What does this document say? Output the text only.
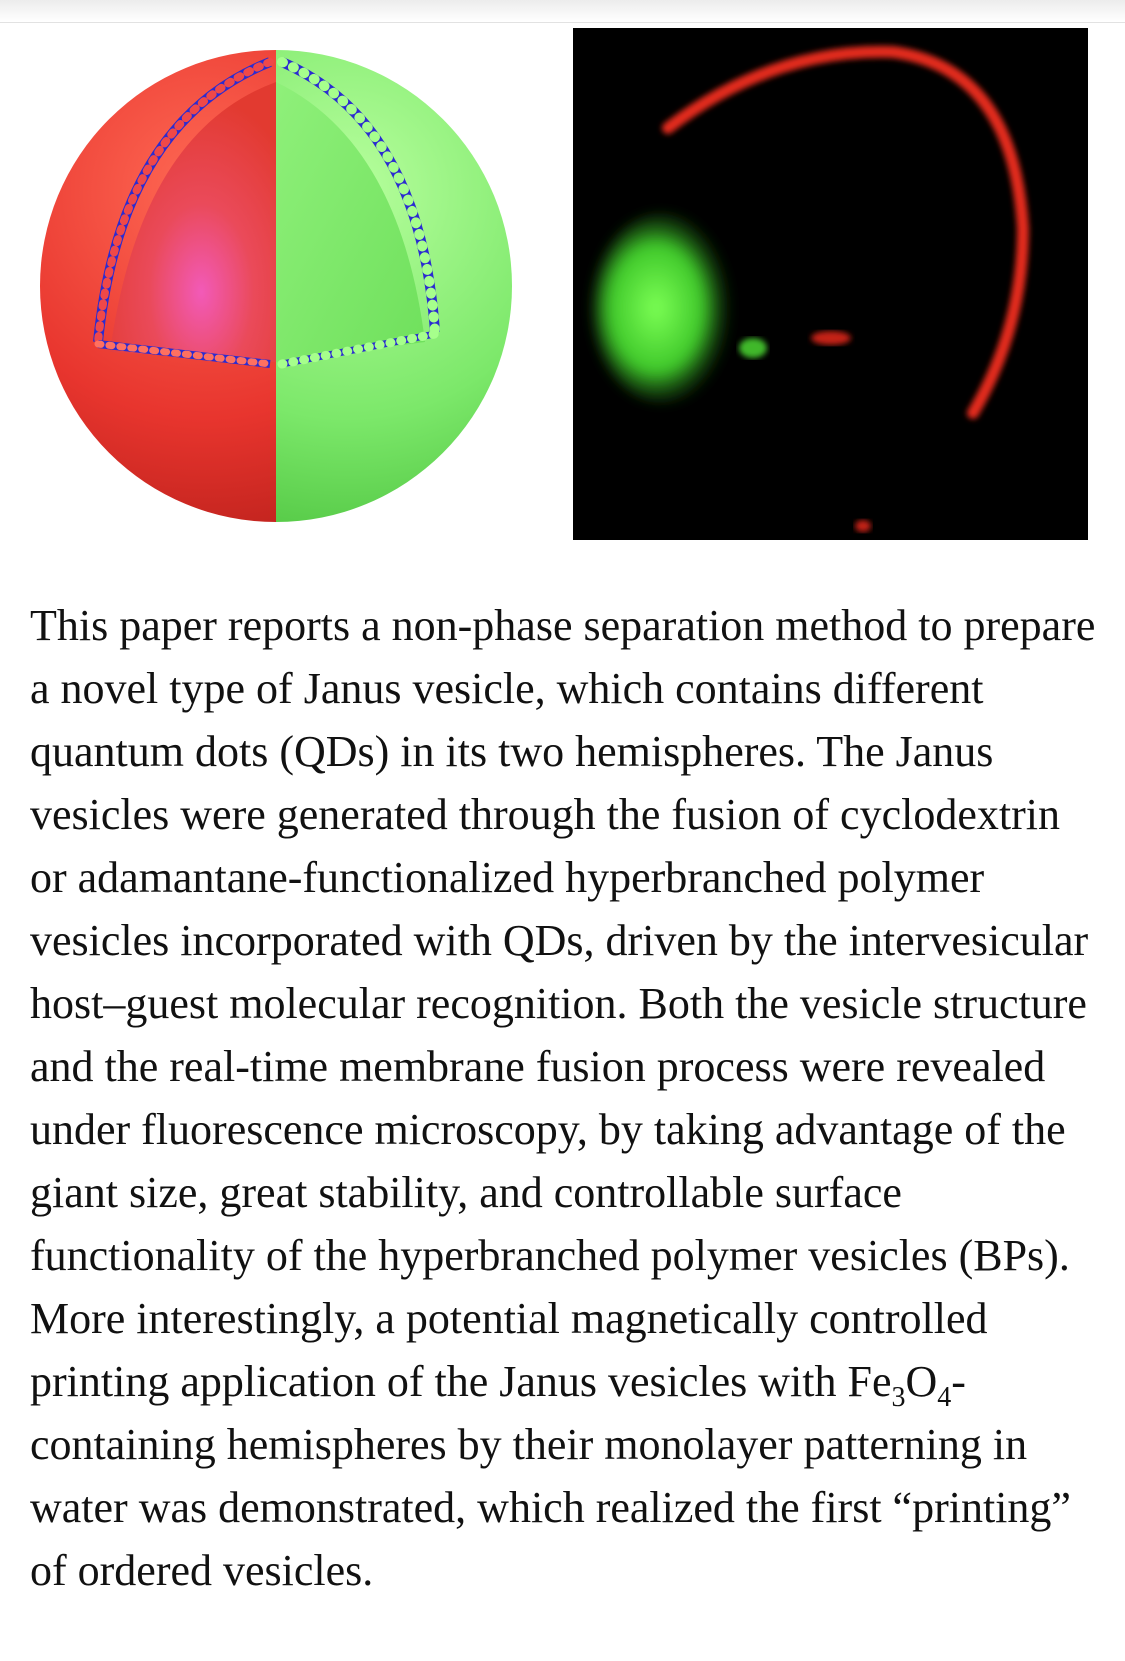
This paper reports a non-phase separation method to prepare a novel type of Janus vesicle, which contains different quantum dots (QDs) in its two hemispheres. The Janus vesicles were generated through the fusion of cyclodextrin or adamantane-functionalized hyperbranched polymer vesicles incorporated with QDs, driven by the intervesicular host–guest molecular recognition. Both the vesicle structure and the real-time membrane fusion process were revealed under fluorescence microscopy, by taking advantage of the giant size, great stability, and controllable surface functionality of the hyperbranched polymer vesicles (BPs). More interestingly, a potential magnetically controlled printing application of the Janus vesicles with $Fe_3O_4$-containing hemispheres by their monolayer patterning in water was demonstrated, which realized the first “printing” of ordered vesicles.
